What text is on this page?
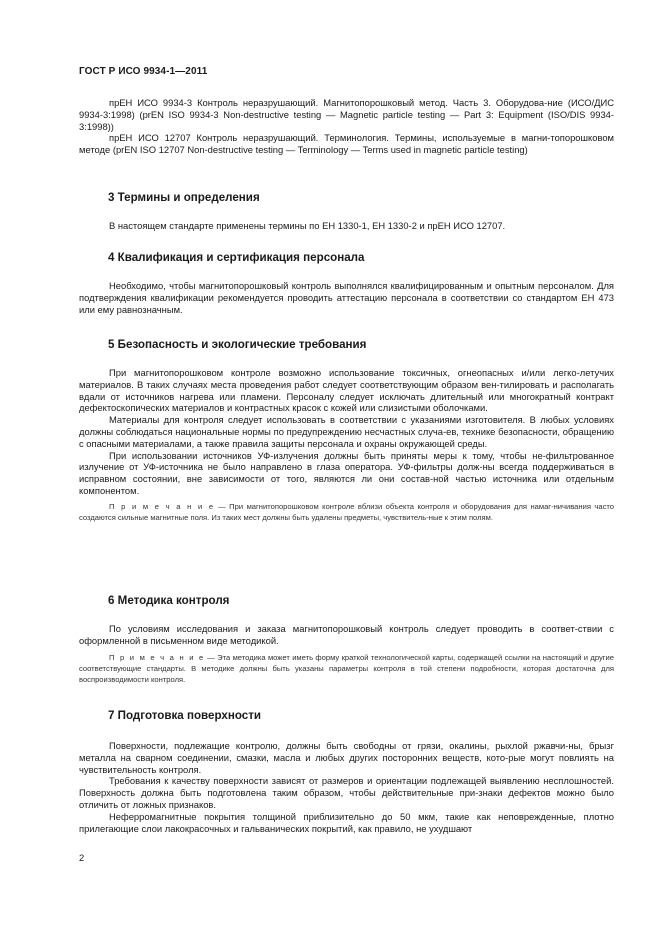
ГОСТ Р ИСО 9934-1—2011

прЕН ИСО 9934-3 Контроль неразрушающий. Магнитопорошковый метод. Часть 3. Оборудова-ние (ИСО/ДИС 9934-3:1998) (prEN ISO 9934-3 Non-destructive testing — Magnetic particle testing — Part 3: Equipment (ISO/DIS 9934-3:1998))

прЕН ИСО 12707 Контроль неразрушающий. Терминология. Термины, используемые в магни-топорошковом методе (prEN ISO 12707 Non-destructive testing — Terminology — Terms used in magnetic particle testing)

3 Термины и определения

В настоящем стандарте применены термины по ЕН 1330-1, ЕН 1330-2 и прЕН ИСО 12707.

4 Квалификация и сертификация персонала

Необходимо, чтобы магнитопорошковый контроль выполнялся квалифицированным и опытным персоналом. Для подтверждения квалификации рекомендуется проводить аттестацию персонала в соответствии со стандартом ЕН 473 или ему равнозначным.

5 Безопасность и экологические требования

При магнитопорошковом контроле возможно использование токсичных, огнеопасных и/или легко-летучих материалов. В таких случаях места проведения работ следует соответствующим образом вен-тилировать и располагать вдали от источников нагрева или пламени. Персоналу следует исключать длительный или многократный контракт дефектоскопических материалов и контрастных красок с кожей или слизистыми оболочками.

Материалы для контроля следует использовать в соответствии с указаниями изготовителя. В любых условиях должны соблюдаться национальные нормы по предупреждению несчастных случа-ев, технике безопасности, обращению с опасными материалами, а также правила защиты персонала и охраны окружающей среды.

При использовании источников УФ-излучения должны быть приняты меры к тому, чтобы не-фильтрованное излучение от УФ-источника не было направлено в глаза оператора. УФ-фильтры долж-ны всегда поддерживаться в исправном состоянии, вне зависимости от того, являются ли они состав-ной частью источника или отдельным компонентом.

П р и м е ч а н и е — При магнитопорошковом контроле вблизи объекта контроля и оборудования для намаг-ничивания часто создаются сильные магнитные поля. Из таких мест должны быть удалены предметы, чувствитель-ные к этим полям.

6 Методика контроля

По условиям исследования и заказа магнитопорошковый контроль следует проводить в соответ-ствии с оформленной в письменном виде методикой.

П р и м е ч а н и е — Эта методика может иметь форму краткой технологической карты, содержащей ссылки на настоящий и другие соответствующие стандарты. В методике должны быть указаны параметры контроля в той степени подробности, которая достаточна для воспроизводимости контроля.

7 Подготовка поверхности

Поверхности, подлежащие контролю, должны быть свободны от грязи, окалины, рыхлой ржавчи-ны, брызг металла на сварном соединении, смазки, масла и любых других посторонних веществ, кото-рые могут повлиять на чувствительность контроля.

Требования к качеству поверхности зависят от размеров и ориентации подлежащей выявлению несплошностей. Поверхность должна быть подготовлена таким образом, чтобы действительные при-знаки дефектов можно было отличить от ложных признаков.

Неферромагнитные покрытия толщиной приблизительно до 50 мкм, такие как неповрежденные, плотно прилегающие слои лакокрасочных и гальванических покрытий, как правило, не ухудшают

2
